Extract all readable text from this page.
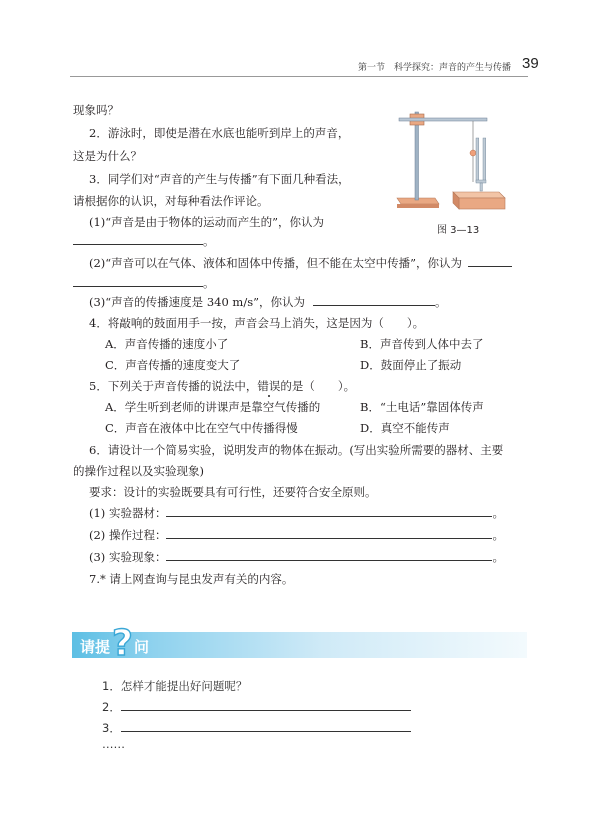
第一节　科学探究：声音的产生与传播 39
图 3—13
现象吗？
2．游泳时，即使是潜在水底也能听到岸上的声音，
这是为什么？
3．同学们对“声音的产生与传播”有下面几种看法，
请根据你的认识，对每种看法作评论。
(1)“声音是由于物体的运动而产生的”，你认为
。
(2)“声音可以在气体、液体和固体中传播，但不能在太空中传播”，你认为
。
(3)“声音的传播速度是 340 m/s”，你认为	。
4．将敲响的鼓面用手一按，声音会马上消失，这是因为（　　）。
A．声音传播的速度小了	B．声音传到人体中去了
C．声音传播的速度变大了	D．鼓面停止了振动
5．下列关于声音传播的说法中，错误的是（　　）。
A．学生听到老师的讲课声是靠空气传播的	B．“土电话”靠固体传声
C．声音在液体中比在空气中传播得慢	D．真空不能传声
6．请设计一个简易实验，说明发声的物体在振动。(写出实验所需要的器材、主要
的操作过程以及实验现象)
要求：设计的实验既要具有可行性，还要符合安全原则。
(1) 实验器材：	。
(2) 操作过程：	。
(3) 实验现象：	。
7.* 请上网查询与昆虫发声有关的内容。
请提 ? 问
1．怎样才能提出好问题呢？
2．
3．
……
